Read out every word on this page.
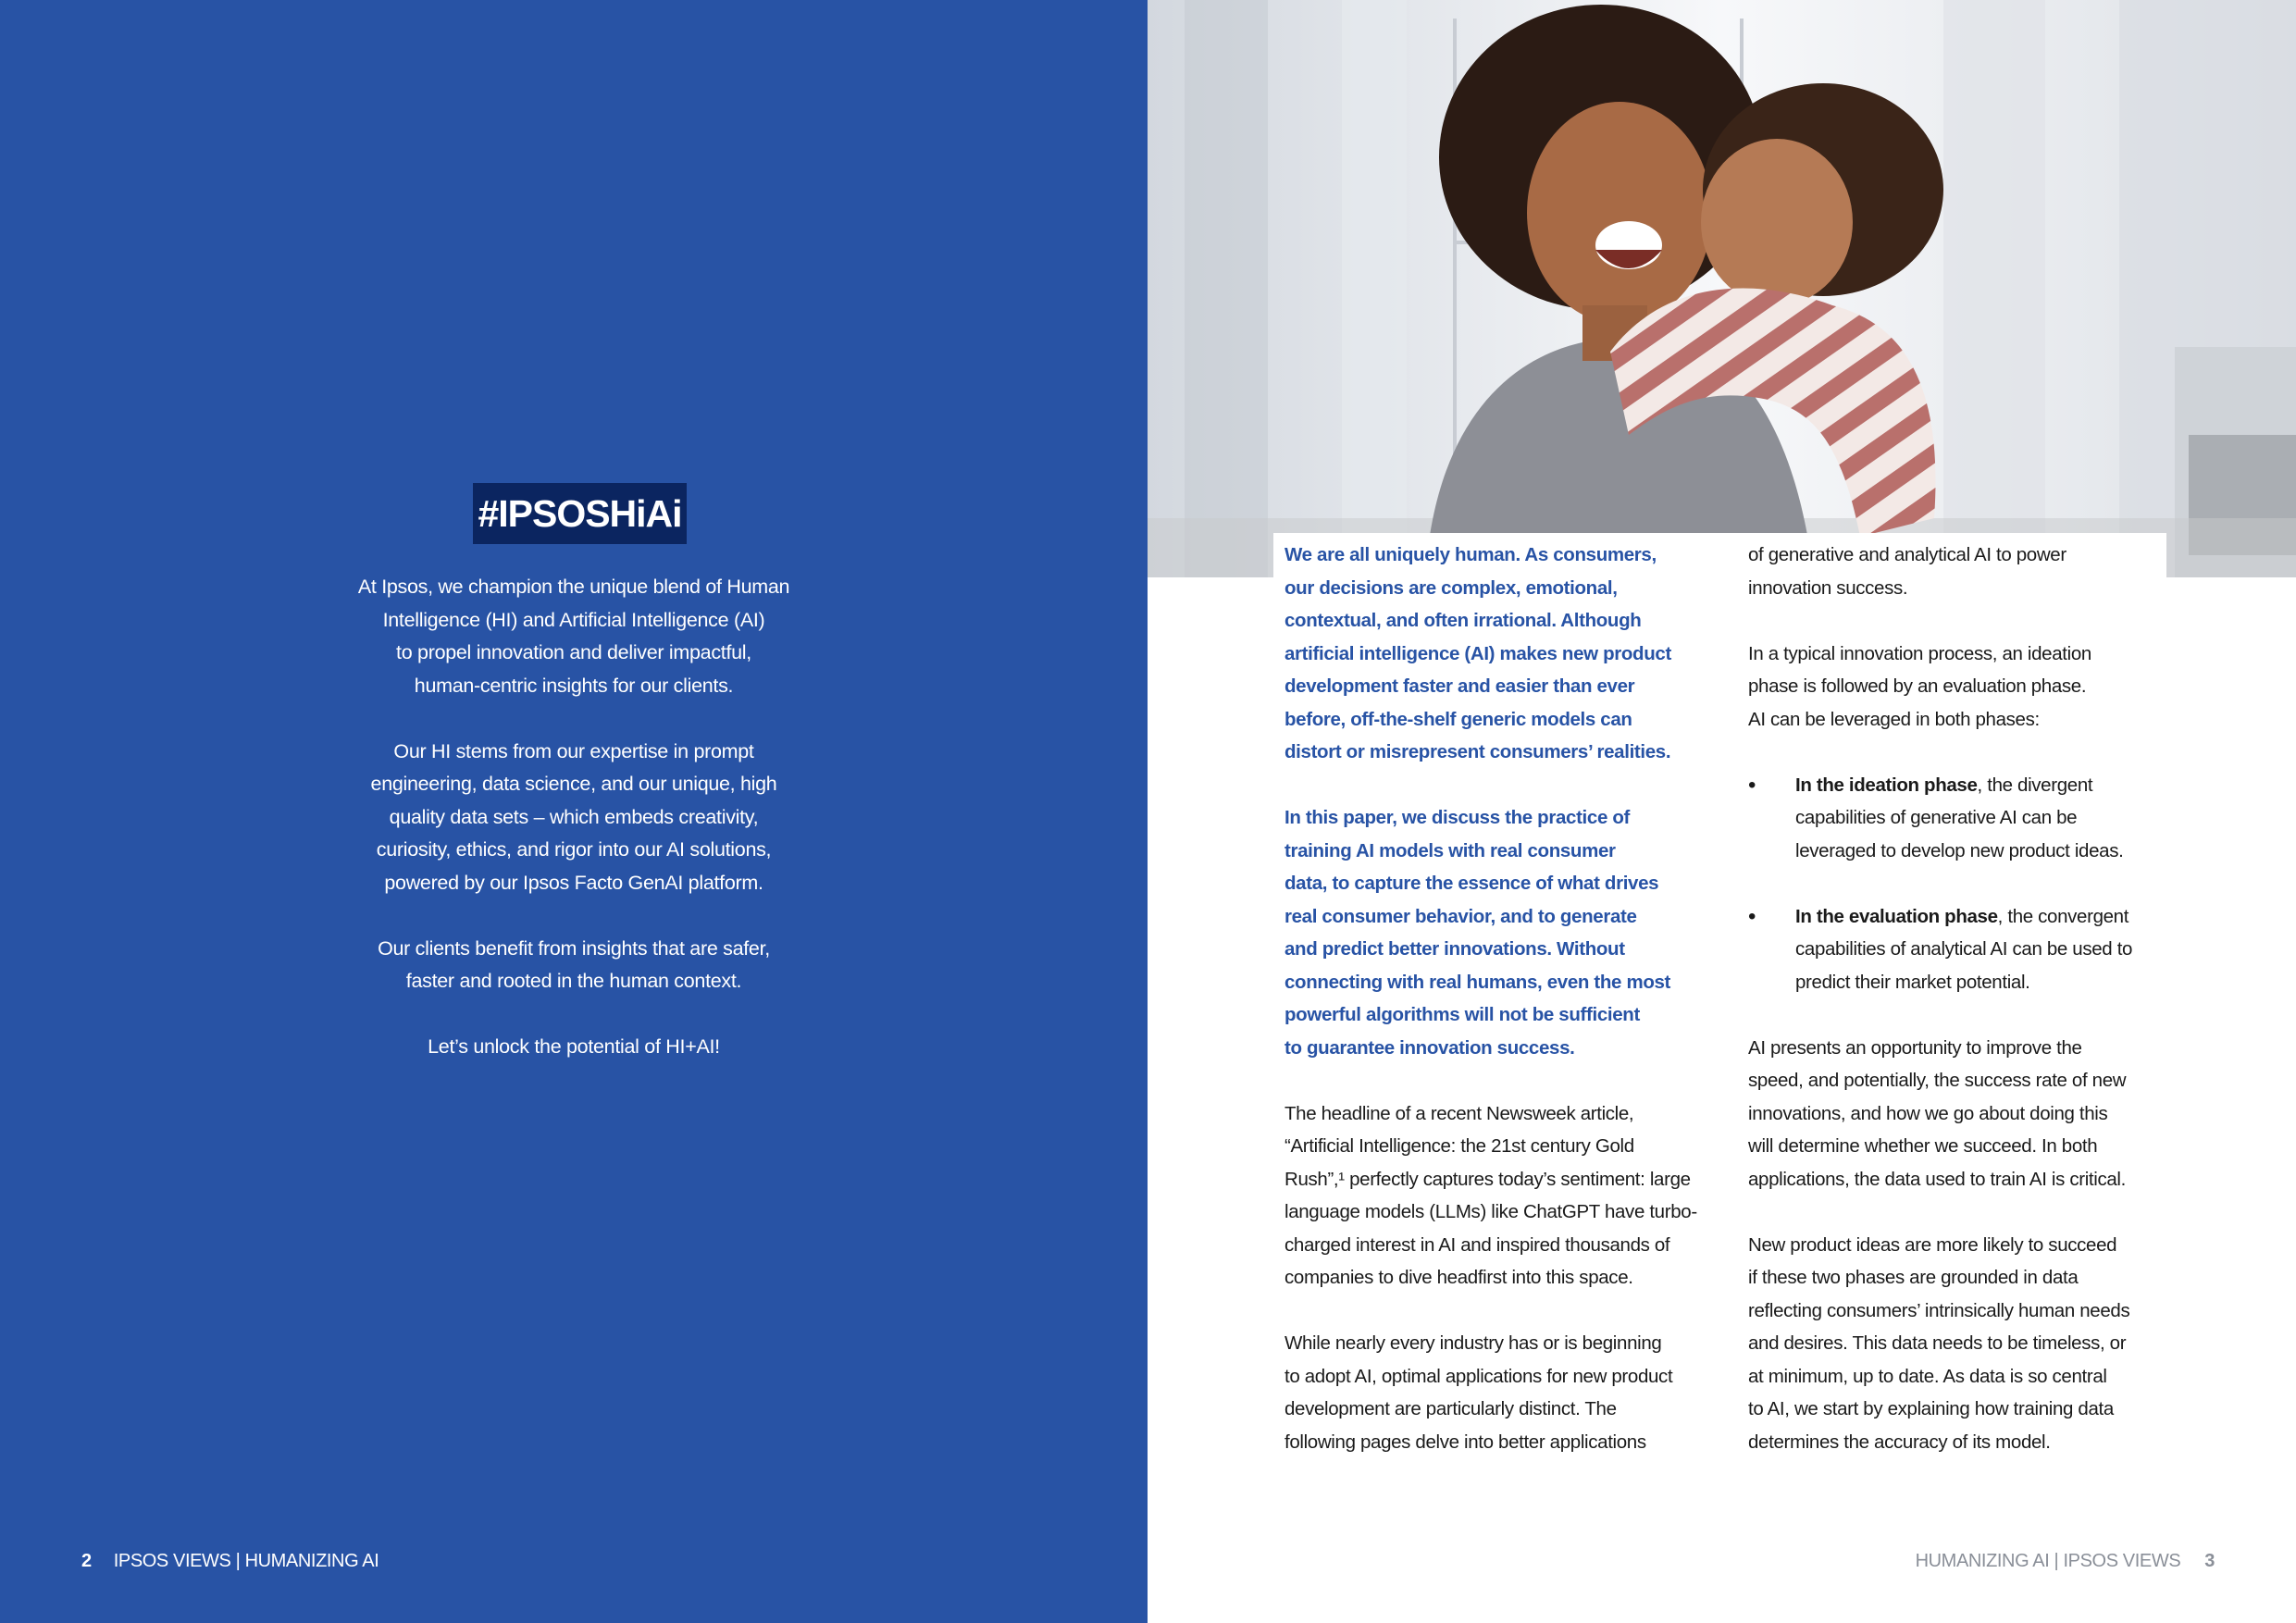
#IPSOSHiAi

At Ipsos, we champion the unique blend of Human
Intelligence (HI) and Artificial Intelligence (AI)
to propel innovation and deliver impactful,
human-centric insights for our clients.

Our HI stems from our expertise in prompt
engineering, data science, and our unique, high
quality data sets – which embeds creativity,
curiosity, ethics, and rigor into our AI solutions,
powered by our Ipsos Facto GenAI platform.

Our clients benefit from insights that are safer,
faster and rooted in the human context.

Let’s unlock the potential of HI+AI!

2 IPSOS VIEWS | HUMANIZING AI

We are all uniquely human. As consumers,
our decisions are complex, emotional,
contextual, and often irrational. Although
artificial intelligence (AI) makes new product
development faster and easier than ever
before, off-the-shelf generic models can
distort or misrepresent consumers’ realities.

In this paper, we discuss the practice of
training AI models with real consumer
data, to capture the essence of what drives
real consumer behavior, and to generate
and predict better innovations. Without
connecting with real humans, even the most
powerful algorithms will not be sufficient
to guarantee innovation success.

The headline of a recent Newsweek article,
“Artificial Intelligence: the 21st century Gold
Rush”,¹ perfectly captures today’s sentiment: large
language models (LLMs) like ChatGPT have turbo-
charged interest in AI and inspired thousands of
companies to dive headfirst into this space.

While nearly every industry has or is beginning
to adopt AI, optimal applications for new product
development are particularly distinct. The
following pages delve into better applications

of generative and analytical AI to power
innovation success.

In a typical innovation process, an ideation
phase is followed by an evaluation phase.
AI can be leveraged in both phases:

• In the ideation phase, the divergent
capabilities of generative AI can be
leveraged to develop new product ideas.
• In the evaluation phase, the convergent
capabilities of analytical AI can be used to
predict their market potential.

AI presents an opportunity to improve the
speed, and potentially, the success rate of new
innovations, and how we go about doing this
will determine whether we succeed. In both
applications, the data used to train AI is critical.

New product ideas are more likely to succeed
if these two phases are grounded in data
reflecting consumers’ intrinsically human needs
and desires. This data needs to be timeless, or
at minimum, up to date. As data is so central
to AI, we start by explaining how training data
determines the accuracy of its model.

HUMANIZING AI | IPSOS VIEWS 3
